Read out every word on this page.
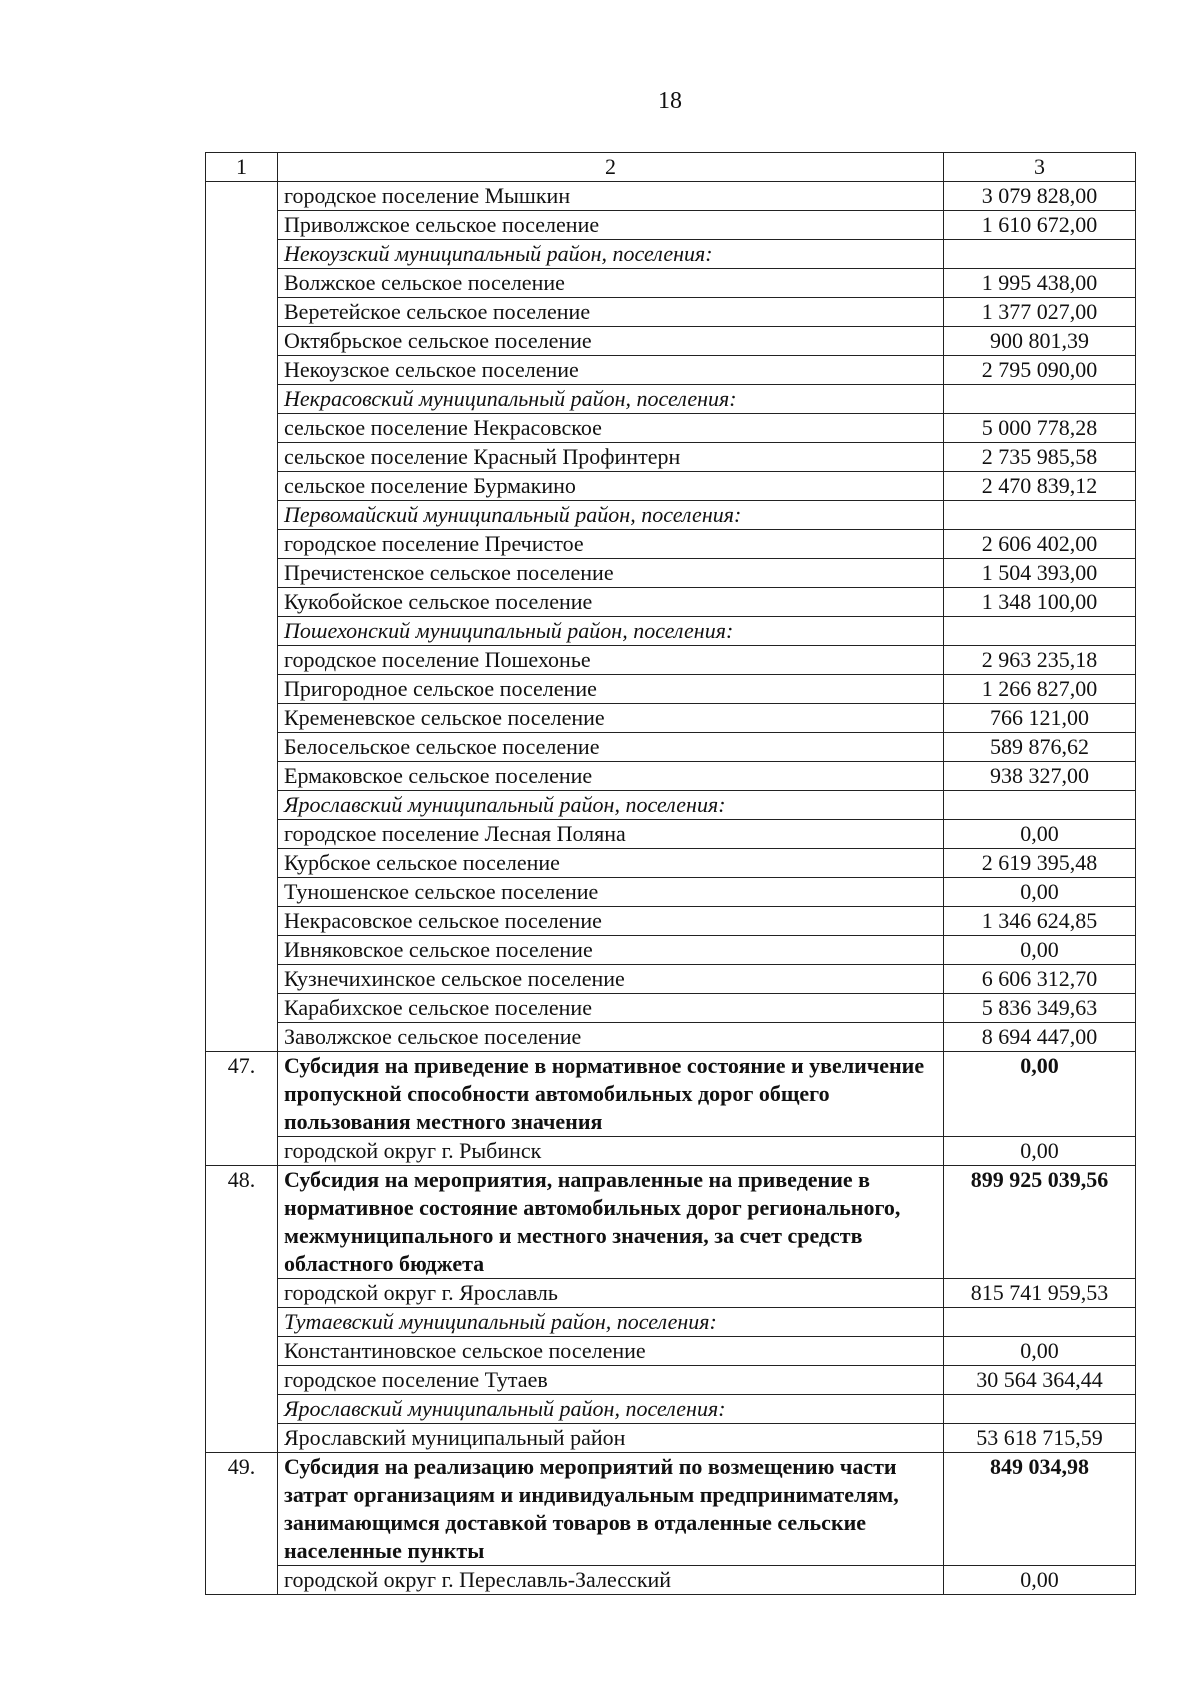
18
1	2	3
	городское поселение Мышкин	3 079 828,00
	Приволжское сельское поселение	1 610 672,00
	Некоузский муниципальный район, поселения:	
	Волжское сельское поселение	1 995 438,00
	Веретейское сельское поселение	1 377 027,00
	Октябрьское сельское поселение	900 801,39
	Некоузское сельское поселение	2 795 090,00
	Некрасовский муниципальный район, поселения:	
	сельское поселение Некрасовское	5 000 778,28
	сельское поселение Красный Профинтерн	2 735 985,58
	сельское поселение Бурмакино	2 470 839,12
	Первомайский муниципальный район, поселения:	
	городское поселение Пречистое	2 606 402,00
	Пречистенское сельское поселение	1 504 393,00
	Кукобойское сельское поселение	1 348 100,00
	Пошехонский муниципальный район, поселения:	
	городское поселение Пошехонье	2 963 235,18
	Пригородное сельское поселение	1 266 827,00
	Кременевское сельское поселение	766 121,00
	Белосельское сельское поселение	589 876,62
	Ермаковское сельское поселение	938 327,00
	Ярославский муниципальный район, поселения:	
	городское поселение Лесная Поляна	0,00
	Курбское сельское поселение	2 619 395,48
	Туношенское сельское поселение	0,00
	Некрасовское сельское поселение	1 346 624,85
	Ивняковское сельское поселение	0,00
	Кузнечихинское сельское поселение	6 606 312,70
	Карабихское сельское поселение	5 836 349,63
	Заволжское сельское поселение	8 694 447,00
47.	Субсидия на приведение в нормативное состояние и увеличение пропускной способности автомобильных дорог общего пользования местного значения	0,00
	городской округ г. Рыбинск	0,00
48.	Субсидия на мероприятия, направленные на приведение в нормативное состояние автомобильных дорог регионального, межмуниципального и местного значения, за счет средств областного бюджета	899 925 039,56
	городской округ г. Ярославль	815 741 959,53
	Тутаевский муниципальный район, поселения:	
	Константиновское сельское поселение	0,00
	городское поселение Тутаев	30 564 364,44
	Ярославский муниципальный район, поселения:	
	Ярославский муниципальный район	53 618 715,59
49.	Субсидия на реализацию мероприятий по возмещению части затрат организациям и индивидуальным предпринимателям, занимающимся доставкой товаров в отдаленные сельские населенные пункты	849 034,98
	городской округ г. Переславль-Залесский	0,00
